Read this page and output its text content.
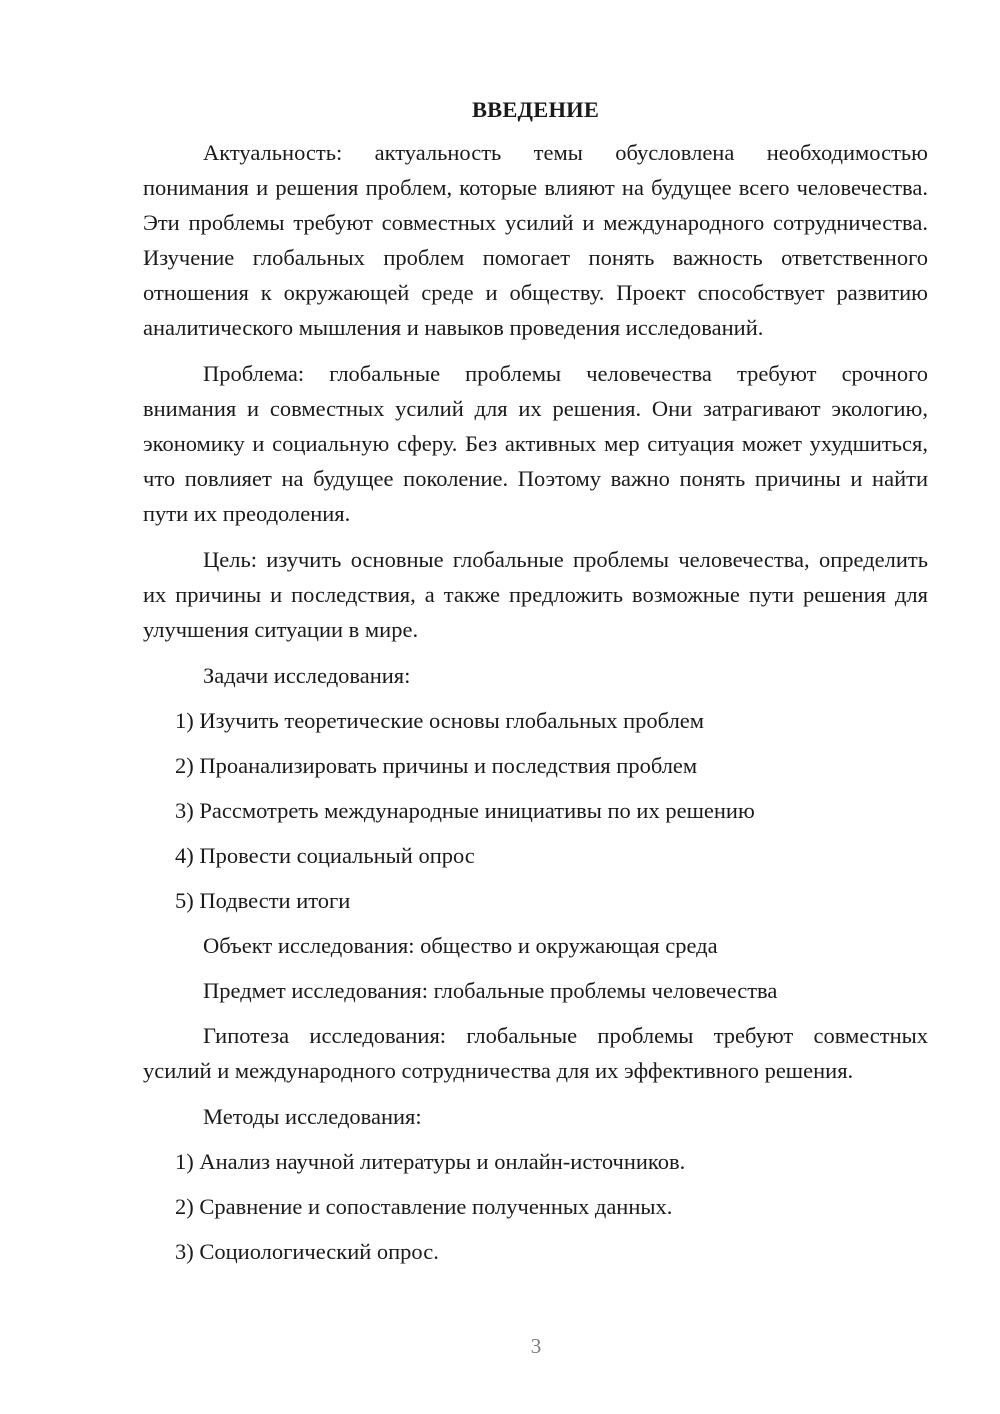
ВВЕДЕНИЕ

Актуальность: актуальность темы обусловлена необходимостью понимания и решения проблем, которые влияют на будущее всего человечества. Эти проблемы требуют совместных усилий и международного сотрудничества. Изучение глобальных проблем помогает понять важность ответственного отношения к окружающей среде и обществу. Проект способствует развитию аналитического мышления и навыков проведения исследований.

Проблема: глобальные проблемы человечества требуют срочного внимания и совместных усилий для их решения. Они затрагивают экологию, экономику и социальную сферу. Без активных мер ситуация может ухудшиться, что повлияет на будущее поколение. Поэтому важно понять причины и найти пути их преодоления.

Цель: изучить основные глобальные проблемы человечества, определить их причины и последствия, а также предложить возможные пути решения для улучшения ситуации в мире.

Задачи исследования:
1) Изучить теоретические основы глобальных проблем
2) Проанализировать причины и последствия проблем
3) Рассмотреть международные инициативы по их решению
4) Провести социальный опрос
5) Подвести итоги
Объект исследования: общество и окружающая среда
Предмет исследования: глобальные проблемы человечества

Гипотеза исследования: глобальные проблемы требуют совместных усилий и международного сотрудничества для их эффективного решения.

Методы исследования:
1) Анализ научной литературы и онлайн-источников.
2) Сравнение и сопоставление полученных данных.
3) Социологический опрос.
3
